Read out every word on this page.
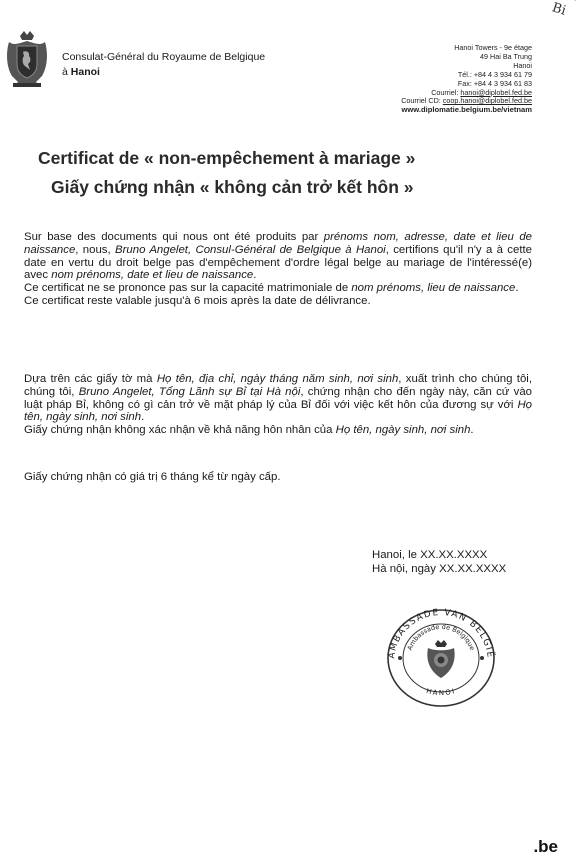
Bi
Consulat-Général du Royaume de Belgique
à Hanoi
Hanoi Towers - 9e étage
49 Hai Ba Trung
Hanoi
Tél.: +84 4 3 934 61 79
Fax: +84 4 3 934 61 83
Courriel: hanoi@diplobel.fed.be
Courriel CD: coop.hanoi@diplobel.fed.be
www.diplomatie.belgium.be/vietnam
Certificat de « non-empêchement à mariage »
Giấy chứng nhận « không cản trở kết hôn »

Sur base des documents qui nous ont été produits par prénoms nom, adresse, date et lieu de naissance, nous, Bruno Angelet, Consul-Général de Belgique à Hanoi, certifions qu'il n'y a à cette date en vertu du droit belge pas d'empêchement d'ordre légal belge au mariage de l'intéressé(e) avec nom prénoms, date et lieu de naissance.

Ce certificat ne se prononce pas sur la capacité matrimoniale de nom prénoms, lieu de naissance.

Ce certificat reste valable jusqu'à 6 mois après la date de délivrance.

Dựa trên các giấy tờ mà Họ tên, địa chỉ, ngày tháng năm sinh, nơi sinh, xuất trình cho chúng tôi, chúng tôi, Bruno Angelet, Tổng Lãnh sự Bỉ tại Hà nội, chứng nhận cho đến ngày này, căn cứ vào luật pháp Bỉ, không có gì cản trở về mặt pháp lý của Bỉ đối với việc kết hôn của đương sự với Họ tên, ngày sinh, nơi sinh.

Giấy chứng nhận không xác nhận về khả năng hôn nhân của Họ tên, ngày sinh, nơi sinh.

Giấy chứng nhận có giá trị 6 tháng kể từ ngày cấp.
Hanoi, le XX.XX.XXXX
Hà nội, ngày XX.XX.XXXX
AMBASSADE VAN BELGIË
Ambassade de Belgique
HANOI
.be
